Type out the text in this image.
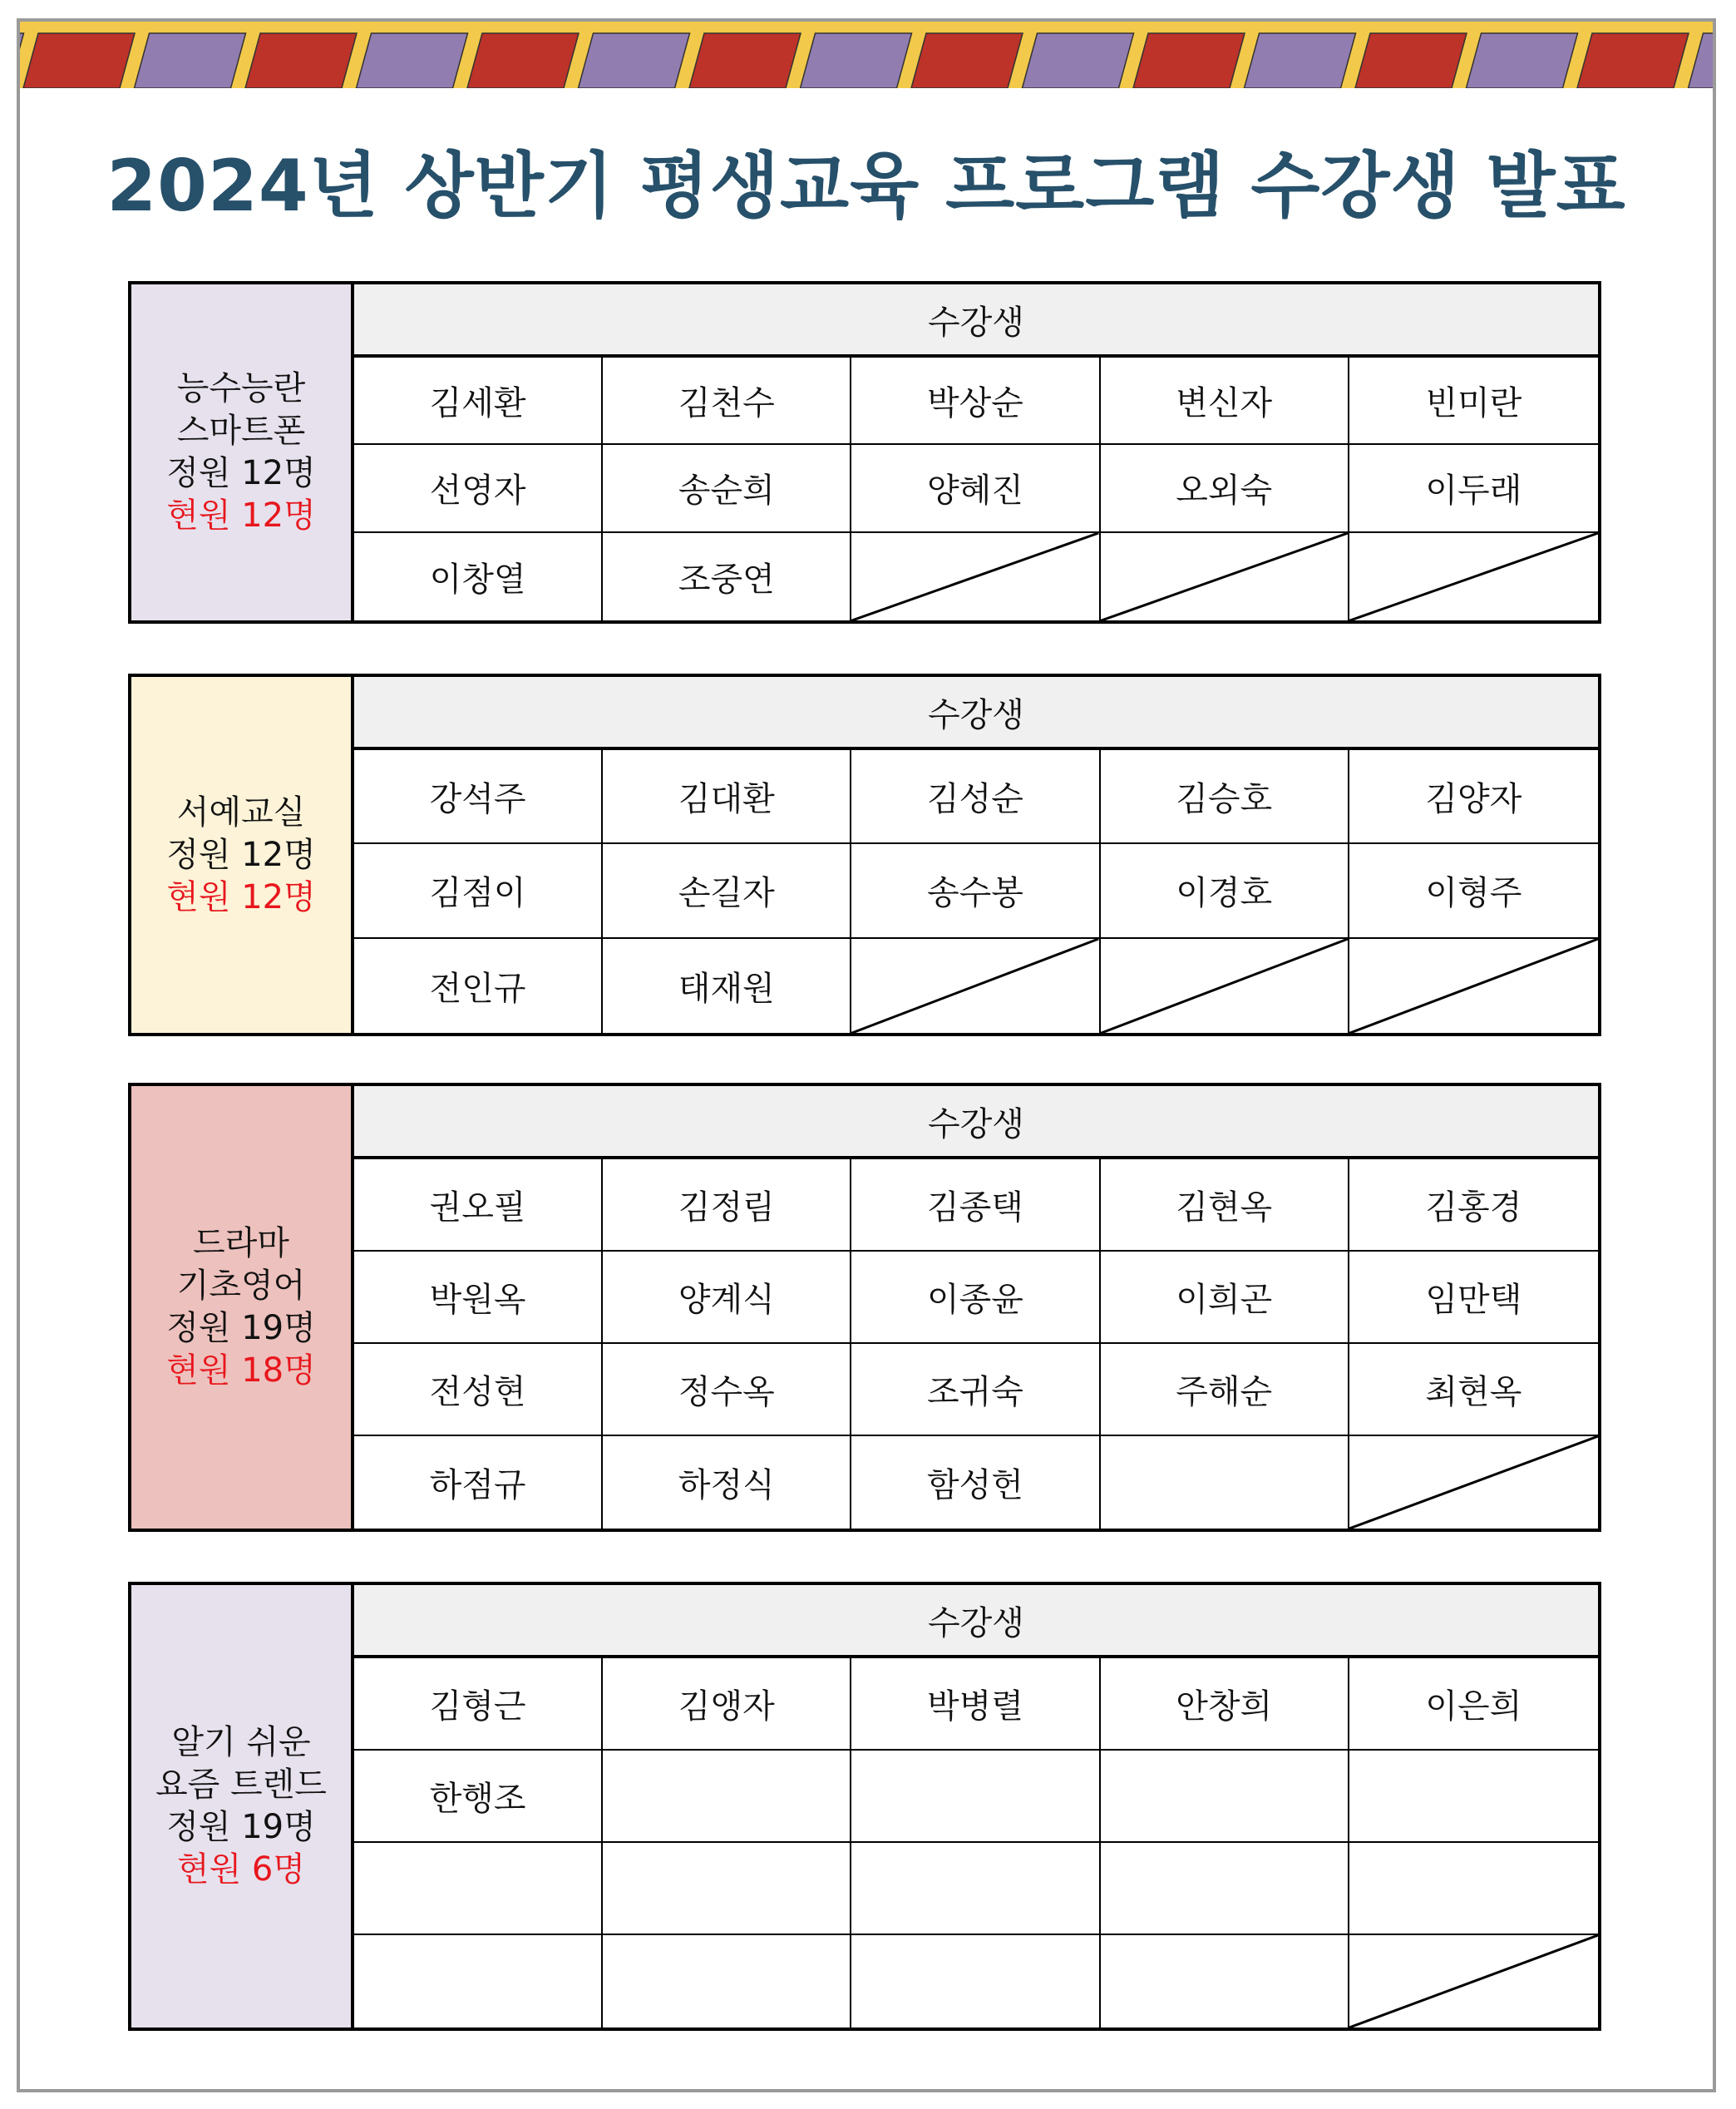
2024년 상반기 평생교육 프로그램 수강생 발표
능수능란
스마트폰
정원 12명
현원 12명
수강생
김세환	김천수	박상순	변신자	빈미란
선영자	송순희	양혜진	오외숙	이두래
이창열	조중연
서예교실
정원 12명
현원 12명
수강생
강석주	김대환	김성순	김승호	김양자
김점이	손길자	송수봉	이경호	이형주
전인규	태재원
드라마
기초영어
정원 19명
현원 18명
수강생
권오필	김정림	김종택	김현옥	김홍경
박원옥	양계식	이종윤	이희곤	임만택
전성현	정수옥	조귀숙	주해순	최현옥
하점규	하정식	함성헌
알기 쉬운
요즘 트렌드
정원 19명
현원 6명
수강생
김형근	김앵자	박병렬	안창희	이은희
한행조
